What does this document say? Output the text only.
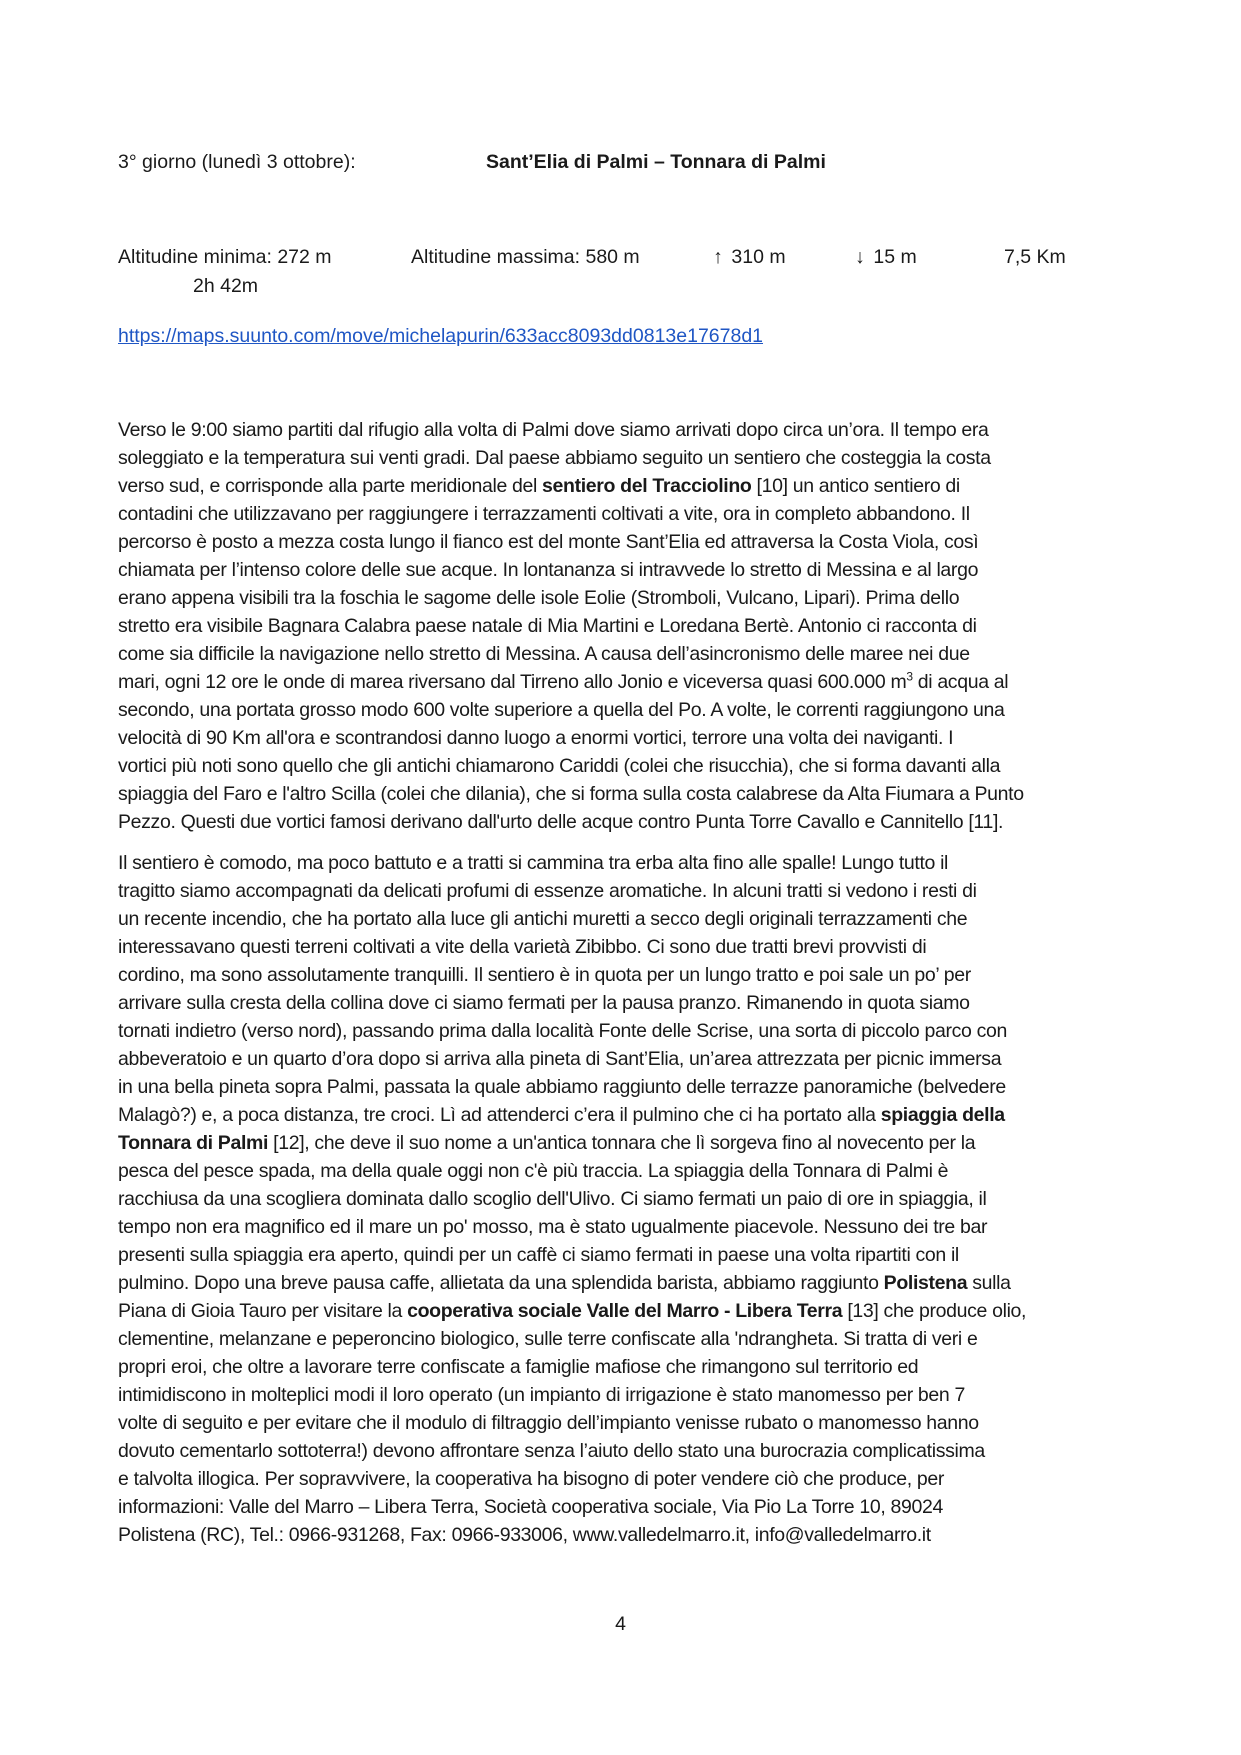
3° giorno (lunedì 3 ottobre):	Sant’Elia di Palmi – Tonnara di Palmi
Altitudine minima: 272 m	Altitudine massima: 580 m	↑ 310 m	↓ 15 m	7,5 Km
2h 42m
https://maps.suunto.com/move/michelapurin/633acc8093dd0813e17678d1

Verso le 9:00 siamo partiti dal rifugio alla volta di Palmi dove siamo arrivati dopo circa un’ora. Il tempo era
soleggiato e la temperatura sui venti gradi. Dal paese abbiamo seguito un sentiero che costeggia la costa
verso sud, e corrisponde alla parte meridionale del sentiero del Tracciolino [10] un antico sentiero di
contadini che utilizzavano per raggiungere i terrazzamenti coltivati a vite, ora in completo abbandono. Il
percorso è posto a mezza costa lungo il fianco est del monte Sant’Elia ed attraversa la Costa Viola, così
chiamata per l’intenso colore delle sue acque. In lontananza si intravvede lo stretto di Messina e al largo
erano appena visibili tra la foschia le sagome delle isole Eolie (Stromboli, Vulcano, Lipari). Prima dello
stretto era visibile Bagnara Calabra paese natale di Mia Martini e Loredana Bertè. Antonio ci racconta di
come sia difficile la navigazione nello stretto di Messina. A causa dell’asincronismo delle maree nei due
mari, ogni 12 ore le onde di marea riversano dal Tirreno allo Jonio e viceversa quasi 600.000 $m^3$ di acqua al
secondo, una portata grosso modo 600 volte superiore a quella del Po. A volte, le correnti raggiungono una
velocità di 90 Km all'ora e scontrandosi danno luogo a enormi vortici, terrore una volta dei naviganti. I
vortici più noti sono quello che gli antichi chiamarono Cariddi (colei che risucchia), che si forma davanti alla
spiaggia del Faro e l'altro Scilla (colei che dilania), che si forma sulla costa calabrese da Alta Fiumara a Punto
Pezzo. Questi due vortici famosi derivano dall'urto delle acque contro Punta Torre Cavallo e Cannitello [11].

Il sentiero è comodo, ma poco battuto e a tratti si cammina tra erba alta fino alle spalle! Lungo tutto il
tragitto siamo accompagnati da delicati profumi di essenze aromatiche. In alcuni tratti si vedono i resti di
un recente incendio, che ha portato alla luce gli antichi muretti a secco degli originali terrazzamenti che
interessavano questi terreni coltivati a vite della varietà Zibibbo. Ci sono due tratti brevi provvisti di
cordino, ma sono assolutamente tranquilli. Il sentiero è in quota per un lungo tratto e poi sale un po’ per
arrivare sulla cresta della collina dove ci siamo fermati per la pausa pranzo. Rimanendo in quota siamo
tornati indietro (verso nord), passando prima dalla località Fonte delle Scrise, una sorta di piccolo parco con
abbeveratoio e un quarto d’ora dopo si arriva alla pineta di Sant’Elia, un’area attrezzata per picnic immersa
in una bella pineta sopra Palmi, passata la quale abbiamo raggiunto delle terrazze panoramiche (belvedere
Malagò?) e, a poca distanza, tre croci. Lì ad attenderci c’era il pulmino che ci ha portato alla spiaggia della
Tonnara di Palmi [12], che deve il suo nome a un'antica tonnara che lì sorgeva fino al novecento per la
pesca del pesce spada, ma della quale oggi non c'è più traccia. La spiaggia della Tonnara di Palmi è
racchiusa da una scogliera dominata dallo scoglio dell'Ulivo. Ci siamo fermati un paio di ore in spiaggia, il
tempo non era magnifico ed il mare un po' mosso, ma è stato ugualmente piacevole. Nessuno dei tre bar
presenti sulla spiaggia era aperto, quindi per un caffè ci siamo fermati in paese una volta ripartiti con il
pulmino. Dopo una breve pausa caffe, allietata da una splendida barista, abbiamo raggiunto Polistena sulla
Piana di Gioia Tauro per visitare la cooperativa sociale Valle del Marro - Libera Terra [13] che produce olio,
clementine, melanzane e peperoncino biologico, sulle terre confiscate alla 'ndrangheta. Si tratta di veri e
propri eroi, che oltre a lavorare terre confiscate a famiglie mafiose che rimangono sul territorio ed
intimidiscono in molteplici modi il loro operato (un impianto di irrigazione è stato manomesso per ben 7
volte di seguito e per evitare che il modulo di filtraggio dell’impianto venisse rubato o manomesso hanno
dovuto cementarlo sottoterra!) devono affrontare senza l’aiuto dello stato una burocrazia complicatissima
e talvolta illogica. Per sopravvivere, la cooperativa ha bisogno di poter vendere ciò che produce, per
informazioni: Valle del Marro – Libera Terra, Società cooperativa sociale, Via Pio La Torre 10, 89024
Polistena (RC), Tel.: 0966-931268, Fax: 0966-933006, www.valledelmarro.it, info@valledelmarro.it

4
